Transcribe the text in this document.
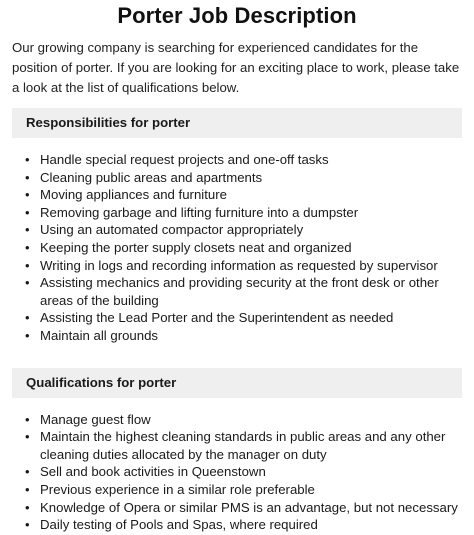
Porter Job Description

Our growing company is searching for experienced candidates for the position of porter. If you are looking for an exciting place to work, please take a look at the list of qualifications below.

Responsibilities for porter
• Handle special request projects and one-off tasks
• Cleaning public areas and apartments
• Moving appliances and furniture
• Removing garbage and lifting furniture into a dumpster
• Using an automated compactor appropriately
• Keeping the porter supply closets neat and organized
• Writing in logs and recording information as requested by supervisor
• Assisting mechanics and providing security at the front desk or other areas of the building
• Assisting the Lead Porter and the Superintendent as needed
• Maintain all grounds
Qualifications for porter
• Manage guest flow
• Maintain the highest cleaning standards in public areas and any other cleaning duties allocated by the manager on duty
• Sell and book activities in Queenstown
• Previous experience in a similar role preferable
• Knowledge of Opera or similar PMS is an advantage, but not necessary
• Daily testing of Pools and Spas, where required
